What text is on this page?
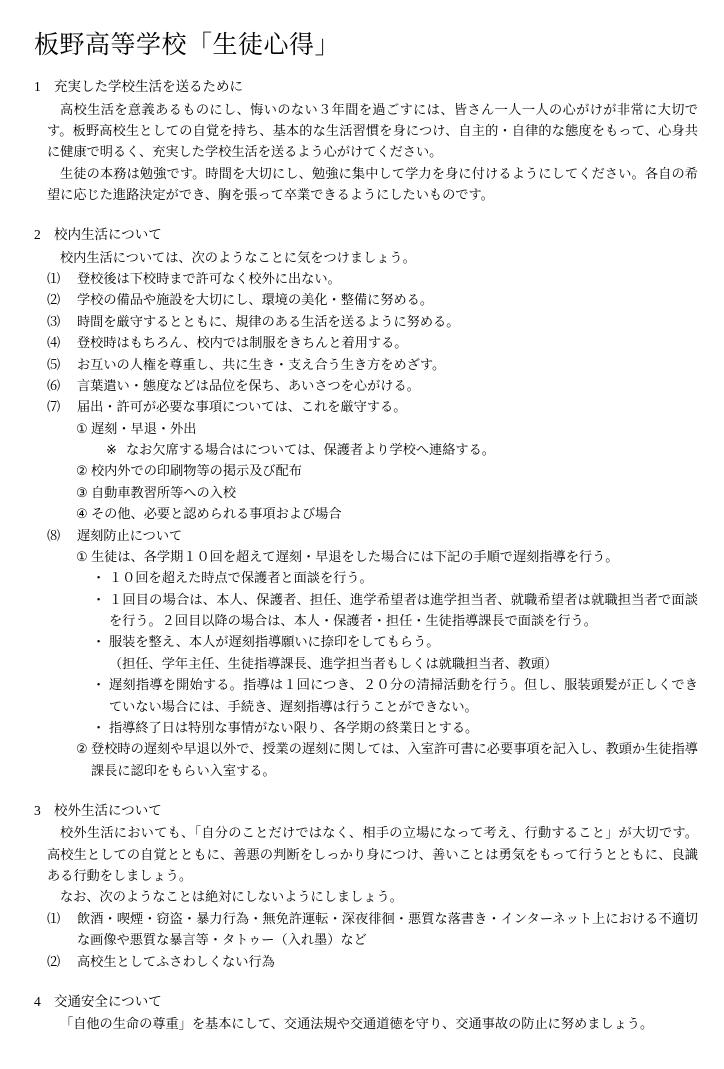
板野高等学校「生徒心得」
1 充実した学校生活を送るために

高校生活を意義あるものにし、悔いのない３年間を過ごすには、皆さん一人一人の心がけが非常に大切です。板野高校生としての自覚を持ち、基本的な生活習慣を身につけ、自主的・自律的な態度をもって、心身共に健康で明るく、充実した学校生活を送るよう心がけてください。

生徒の本務は勉強です。時間を大切にし、勉強に集中して学力を身に付けるようにしてください。各自の希望に応じた進路決定ができ、胸を張って卒業できるようにしたいものです。

2 校内生活について

校内生活については、次のようなことに気をつけましょう。

⑴	登校後は下校時まで許可なく校外に出ない。
⑵	学校の備品や施設を大切にし、環境の美化・整備に努める。
⑶	時間を厳守するとともに、規律のある生活を送るように努める。
⑷	登校時はもちろん、校内では制服をきちんと着用する。
⑸	お互いの人権を尊重し、共に生き・支え合う生き方をめざす。
⑹	言葉遣い・態度などは品位を保ち、あいさつを心がける。
⑺	届出・許可が必要な事項については、これを厳守する。
① 遅刻・早退・外出
※ なお欠席する場合はについては、保護者より学校へ連絡する。
② 校内外での印刷物等の掲示及び配布
③ 自動車教習所等への入校
④ その他、必要と認められる事項および場合
⑻	遅刻防止について
① 生徒は、各学期１０回を超えて遅刻・早退をした場合には下記の手順で遅刻指導を行う。
・ １０回を超えた時点で保護者と面談を行う。
・ １回目の場合は、本人、保護者、担任、進学希望者は進学担当者、就職希望者は就職担当者で面談を行う。２回目以降の場合は、本人・保護者・担任・生徒指導課長で面談を行う。
・ 服装を整え、本人が遅刻指導願いに捺印をしてもらう。
（担任、学年主任、生徒指導課長、進学担当者もしくは就職担当者、教頭）
・ 遅刻指導を開始する。指導は１回につき、２０分の清掃活動を行う。但し、服装頭髪が正しくできていない場合には、手続き、遅刻指導は行うことができない。
・ 指導終了日は特別な事情がない限り、各学期の終業日とする。
② 登校時の遅刻や早退以外で、授業の遅刻に関しては、入室許可書に必要事項を記入し、教頭か生徒指導課長に認印をもらい入室する。
3 校外生活について

校外生活においても、「自分のことだけではなく、相手の立場になって考え、行動すること」が大切です。高校生としての自覚とともに、善悪の判断をしっかり身につけ、善いことは勇気をもって行うとともに、良識ある行動をしましょう。

なお、次のようなことは絶対にしないようにしましょう。

⑴	飲酒・喫煙・窃盗・暴力行為・無免許運転・深夜徘徊・悪質な落書き・インターネット上における不適切な画像や悪質な暴言等・タトゥー（入れ墨）など
⑵	高校生としてふさわしくない行為
4 交通安全について

「自他の生命の尊重」を基本にして、交通法規や交通道徳を守り、交通事故の防止に努めましょう。
